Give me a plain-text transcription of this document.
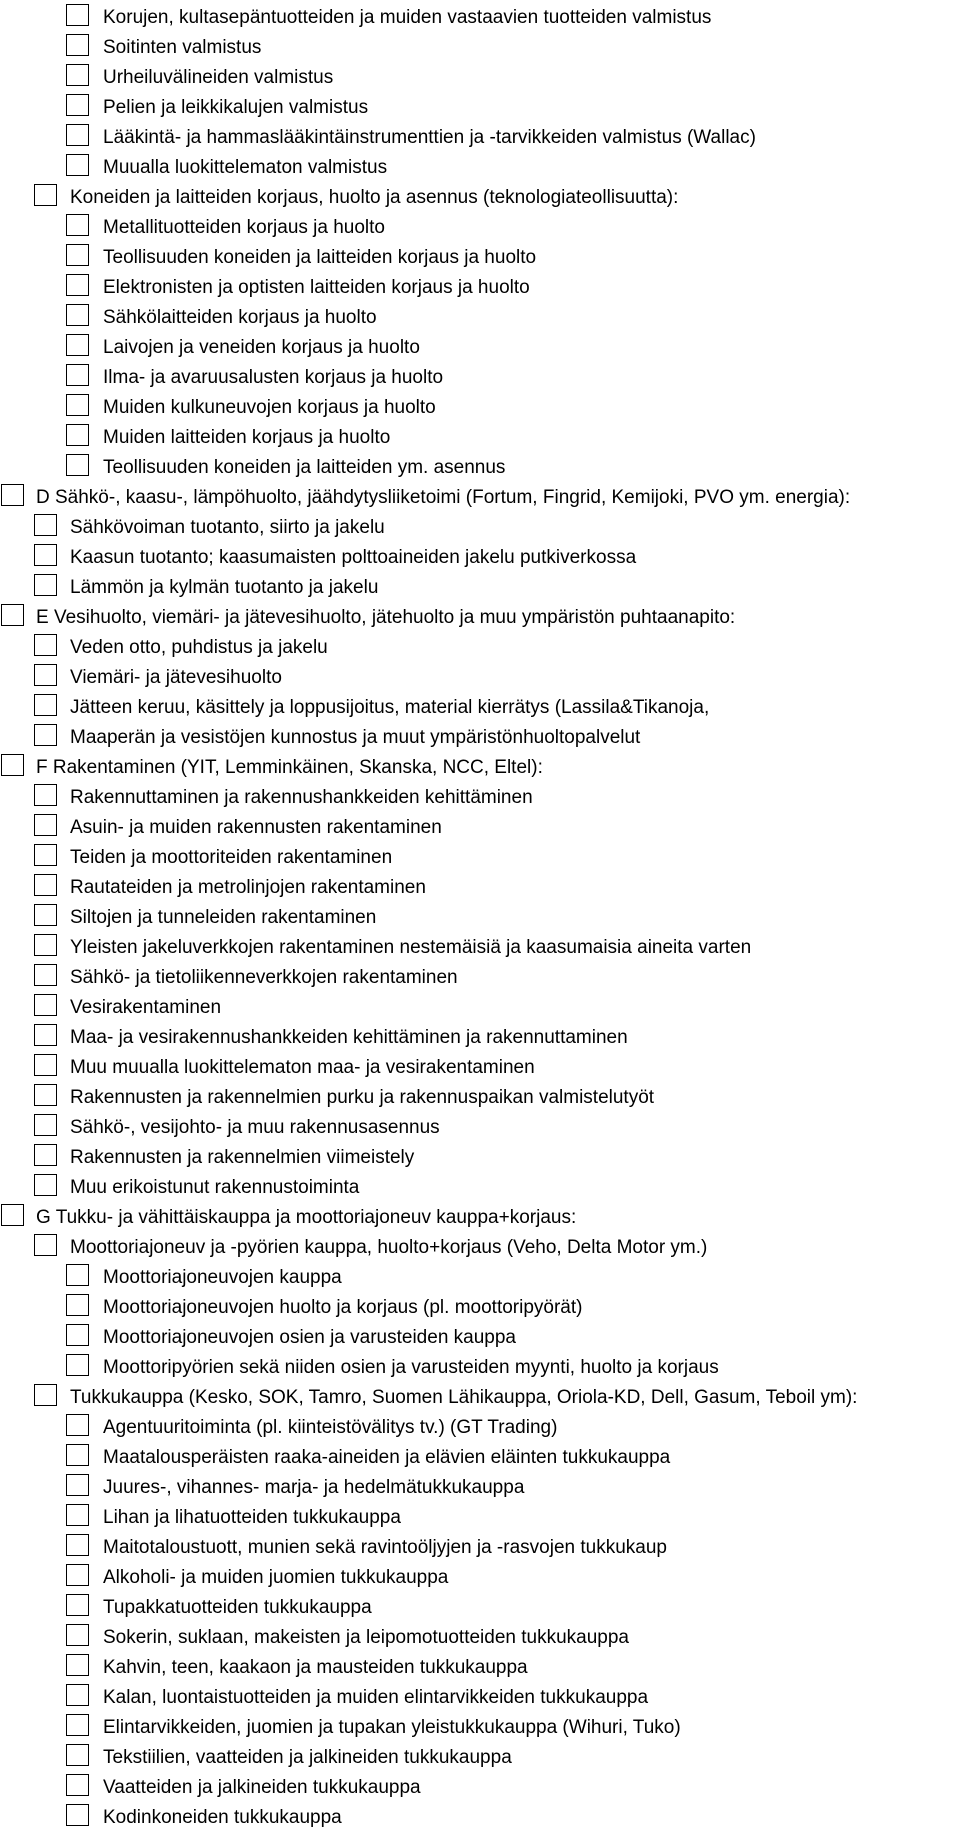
Korujen, kultasepäntuotteiden ja muiden vastaavien tuotteiden valmistus
Soitinten valmistus
Urheiluvälineiden valmistus
Pelien ja leikkikalujen valmistus
Lääkintä- ja hammaslääkintäinstrumenttien ja -tarvikkeiden valmistus (Wallac)
Muualla luokittelematon valmistus
Koneiden ja laitteiden korjaus, huolto ja asennus (teknologiateollisuutta):
Metallituotteiden korjaus ja huolto
Teollisuuden koneiden ja laitteiden korjaus ja huolto
Elektronisten ja optisten laitteiden korjaus ja huolto
Sähkölaitteiden korjaus ja huolto
Laivojen ja veneiden korjaus ja huolto
Ilma- ja avaruusalusten korjaus ja huolto
Muiden kulkuneuvojen korjaus ja huolto
Muiden laitteiden korjaus ja huolto
Teollisuuden koneiden ja laitteiden ym. asennus
D Sähkö-, kaasu-, lämpöhuolto, jäähdytysliiketoimi (Fortum, Fingrid, Kemijoki, PVO ym. energia):
Sähkövoiman tuotanto, siirto ja jakelu
Kaasun tuotanto; kaasumaisten polttoaineiden jakelu putkiverkossa
Lämmön ja kylmän tuotanto ja jakelu
E Vesihuolto, viemäri- ja jätevesihuolto, jätehuolto ja muu ympäristön puhtaanapito:
Veden otto, puhdistus ja jakelu
Viemäri- ja jätevesihuolto
Jätteen keruu, käsittely ja loppusijoitus, material kierrätys (Lassila&Tikanoja,
Maaperän ja vesistöjen kunnostus ja muut ympäristönhuoltopalvelut
F Rakentaminen (YIT, Lemminkäinen, Skanska, NCC, Eltel):
Rakennuttaminen ja rakennushankkeiden kehittäminen
Asuin- ja muiden rakennusten rakentaminen
Teiden ja moottoriteiden rakentaminen
Rautateiden ja metrolinjojen rakentaminen
Siltojen ja tunneleiden rakentaminen
Yleisten jakeluverkkojen rakentaminen nestemäisiä ja kaasumaisia aineita varten
Sähkö- ja tietoliikenneverkkojen rakentaminen
Vesirakentaminen
Maa- ja vesirakennushankkeiden kehittäminen ja rakennuttaminen
Muu muualla luokittelematon maa- ja vesirakentaminen
Rakennusten ja rakennelmien purku ja rakennuspaikan valmistelutyöt
Sähkö-, vesijohto- ja muu rakennusasennus
Rakennusten ja rakennelmien viimeistely
Muu erikoistunut rakennustoiminta
G Tukku- ja vähittäiskauppa ja moottoriajoneuv kauppa+korjaus:
Moottoriajoneuv ja -pyörien kauppa, huolto+korjaus (Veho, Delta Motor ym.)
Moottoriajoneuvojen kauppa
Moottoriajoneuvojen huolto ja korjaus (pl. moottoripyörät)
Moottoriajoneuvojen osien ja varusteiden kauppa
Moottoripyörien sekä niiden osien ja varusteiden myynti, huolto ja korjaus
Tukkukauppa (Kesko, SOK, Tamro, Suomen Lähikauppa, Oriola-KD, Dell, Gasum, Teboil ym):
Agentuuritoiminta (pl. kiinteistövälitys tv.) (GT Trading)
Maatalousperäisten raaka-aineiden ja elävien eläinten tukkukauppa
Juures-, vihannes- marja- ja hedelmätukkukauppa
Lihan ja lihatuotteiden tukkukauppa
Maitotaloustuott, munien sekä ravintoöljyjen ja -rasvojen tukkukaup
Alkoholi- ja muiden juomien tukkukauppa
Tupakkatuotteiden tukkukauppa
Sokerin, suklaan, makeisten ja leipomotuotteiden tukkukauppa
Kahvin, teen, kaakaon ja mausteiden tukkukauppa
Kalan, luontaistuotteiden ja muiden elintarvikkeiden tukkukauppa
Elintarvikkeiden, juomien ja tupakan yleistukkukauppa (Wihuri, Tuko)
Tekstiilien, vaatteiden ja jalkineiden tukkukauppa
Vaatteiden ja jalkineiden tukkukauppa
Kodinkoneiden tukkukauppa
